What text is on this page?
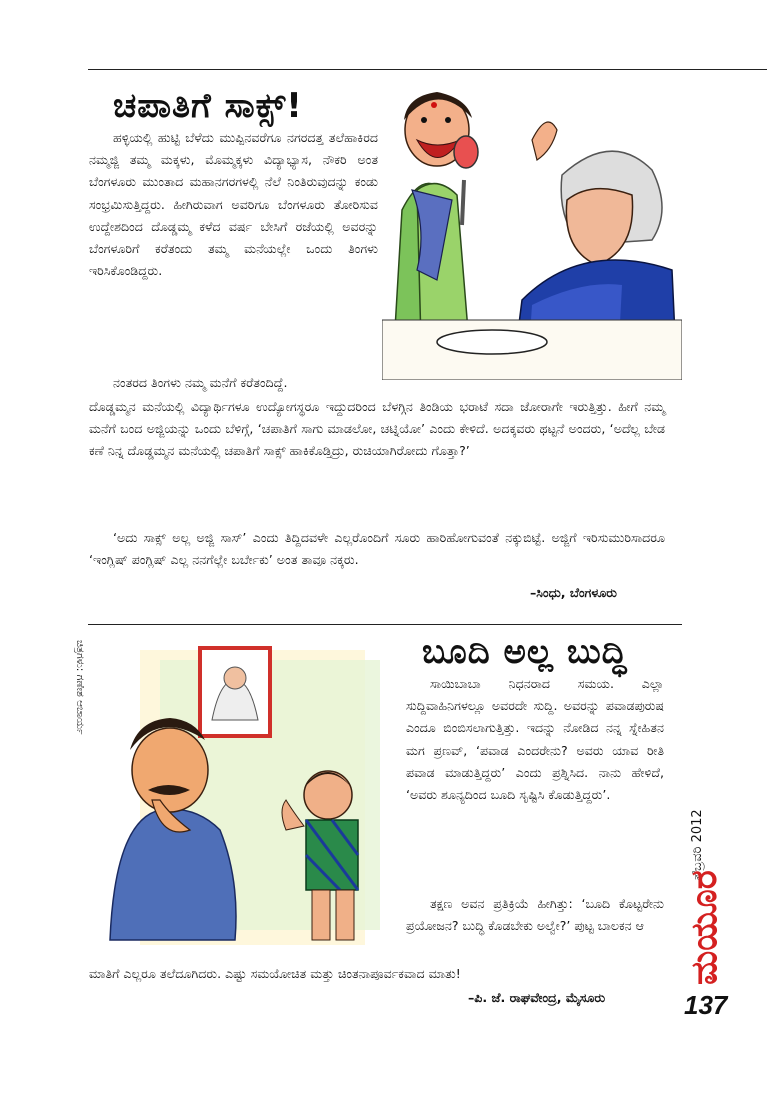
ಚಪಾತಿಗೆ ಸಾಕ್ಸ್!

ಹಳ್ಳಿಯಲ್ಲಿ ಹುಟ್ಟಿ ಬೆಳೆದು ಮುಪ್ಪಿನವರೆಗೂ ನಗರದತ್ತ ತಲೆಹಾಕಿರದ ನಮ್ಮಜ್ಜಿ ತಮ್ಮ ಮಕ್ಕಳು, ಮೊಮ್ಮಕ್ಕಳು ವಿದ್ಯಾಭ್ಯಾಸ, ನೌಕರಿ ಅಂತ ಬೆಂಗಳೂರು ಮುಂತಾದ ಮಹಾನಗರಗಳಲ್ಲಿ ನೆಲೆ ನಿಂತಿರುವುದನ್ನು ಕಂಡು ಸಂಭ್ರಮಿಸುತ್ತಿದ್ದರು. ಹೀಗಿರುವಾಗ ಅವರಿಗೂ ಬೆಂಗಳೂರು ತೋರಿಸುವ ಉದ್ದೇಶದಿಂದ ದೊಡ್ಡಮ್ಮ ಕಳೆದ ವರ್ಷ ಬೇಸಿಗೆ ರಜೆಯಲ್ಲಿ ಅವರನ್ನು ಬೆಂಗಳೂರಿಗೆ ಕರೆತಂದು ತಮ್ಮ ಮನೆಯಲ್ಲೇ ಒಂದು ತಿಂಗಳು ಇರಿಸಿಕೊಂಡಿದ್ದರು.

ನಂತರದ ತಿಂಗಳು ನಮ್ಮ ಮನೆಗೆ ಕರೆತಂದಿದ್ದೆ.

ದೊಡ್ಡಮ್ಮನ ಮನೆಯಲ್ಲಿ ವಿದ್ಯಾರ್ಥಿಗಳೂ ಉದ್ಯೋಗಸ್ಥರೂ ಇದ್ದುದರಿಂದ ಬೆಳಗ್ಗಿನ ತಿಂಡಿಯ ಭರಾಟೆ ಸದಾ ಜೋರಾಗೇ ಇರುತ್ತಿತ್ತು. ಹೀಗೆ ನಮ್ಮ ಮನೆಗೆ ಬಂದ ಅಜ್ಜಿಯನ್ನು ಒಂದು ಬೆಳಿಗ್ಗೆ, ‘ಚಪಾತಿಗೆ ಸಾಗು ಮಾಡಲೋ, ಚಟ್ನಿಯೋ’ ಎಂದು ಕೇಳಿದೆ. ಅದಕ್ಕವರು ಥಟ್ಟನೆ ಅಂದರು, ‘ಅದೆಲ್ಲ ಬೇಡ ಕಣೆ ನಿನ್ನ ದೊಡ್ಡಮ್ಮನ ಮನೆಯಲ್ಲಿ ಚಪಾತಿಗೆ ಸಾಕ್ಸ್ ಹಾಕಿಕೊಡ್ತಿದ್ರು, ರುಚಿಯಾಗಿರೋದು ಗೊತ್ತಾ?’

‘ಅದು ಸಾಕ್ಸ್ ಅಲ್ಲ ಅಜ್ಜಿ ಸಾಸ್’ ಎಂದು ತಿದ್ದಿದವಳೇ ಎಲ್ಲರೊಂದಿಗೆ ಸೂರು ಹಾರಿಹೋಗುವಂತೆ ನಕ್ಕುಬಿಟ್ಟೆ. ಅಜ್ಜಿಗೆ ಇರಿಸುಮುರಿಸಾದರೂ ‘ಇಂಗ್ಲಿಷ್ ಪಂಗ್ಲಿಷ್ ಎಲ್ಲ ನನಗೆಲ್ಲೇ ಬರ್ಬೇಕು’ ಅಂತ ತಾವೂ ನಕ್ಕರು.

–ಸಿಂಧು, ಬೆಂಗಳೂರು
ಚಿತ್ರಗಳು: ಗಣೇಶ ಆಚಾರ್ಯ	ಬೂದಿ ಅಲ್ಲ ಬುದ್ಧಿ

ಸಾಯಿಬಾಬಾ ನಿಧನರಾದ ಸಮಯ. ಎಲ್ಲಾ ಸುದ್ದಿವಾಹಿನಿಗಳಲ್ಲೂ ಅವರದೇ ಸುದ್ದಿ. ಅವರನ್ನು ಪವಾಡಪುರುಷ ಎಂದೂ ಬಿಂಬಿಸಲಾಗುತ್ತಿತ್ತು. ಇದನ್ನು ನೋಡಿದ ನನ್ನ ಸ್ನೇಹಿತನ ಮಗ ಪ್ರಣವ್, ‘ಪವಾಡ ಎಂದರೇನು? ಅವರು ಯಾವ ರೀತಿ ಪವಾಡ ಮಾಡುತ್ತಿದ್ದರು’ ಎಂದು ಪ್ರಶ್ನಿಸಿದ. ನಾನು ಹೇಳಿದೆ, ‘ಅವರು ಶೂನ್ಯದಿಂದ ಬೂದಿ ಸೃಷ್ಟಿಸಿ ಕೊಡುತ್ತಿದ್ದರು’.

ತಕ್ಷಣ ಅವನ ಪ್ರತಿಕ್ರಿಯೆ ಹೀಗಿತ್ತು: ‘ಬೂದಿ ಕೊಟ್ಟರೇನು ಪ್ರಯೋಜನ? ಬುದ್ಧಿ ಕೊಡಬೇಕು ಅಲ್ವೇ?’ ಪುಟ್ಟ ಬಾಲಕನ ಆ

ಮಾತಿಗೆ ಎಲ್ಲರೂ ತಲೆದೂಗಿದರು. ಎಷ್ಟು ಸಮಯೋಚಿತ ಮತ್ತು ಚಿಂತನಾಪೂರ್ವಕವಾದ ಮಾತು!

–ಪಿ. ಜೆ. ರಾಘವೇಂದ್ರ, ಮೈಸೂರು
ಫೆಬ್ರವರಿ 2012
ಮಯೂರ
137
